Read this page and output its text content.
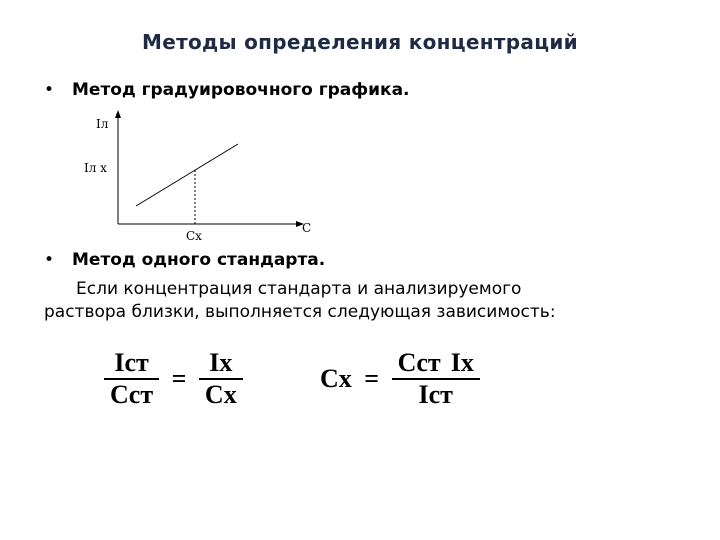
Методы определения концентраций
•	Метод градуировочного графика.
Iл
Iл x
Cx
C
•	Метод одного стандарта.
Если концентрация стандарта и анализируемого
раствора близки, выполняется следующая зависимость:
$\frac{\text{Iст}}{\text{Cст}} = \frac{Ix}{Cx}$	$Cx = \frac{\text{Cст Ix}}{\text{Iст}}$
